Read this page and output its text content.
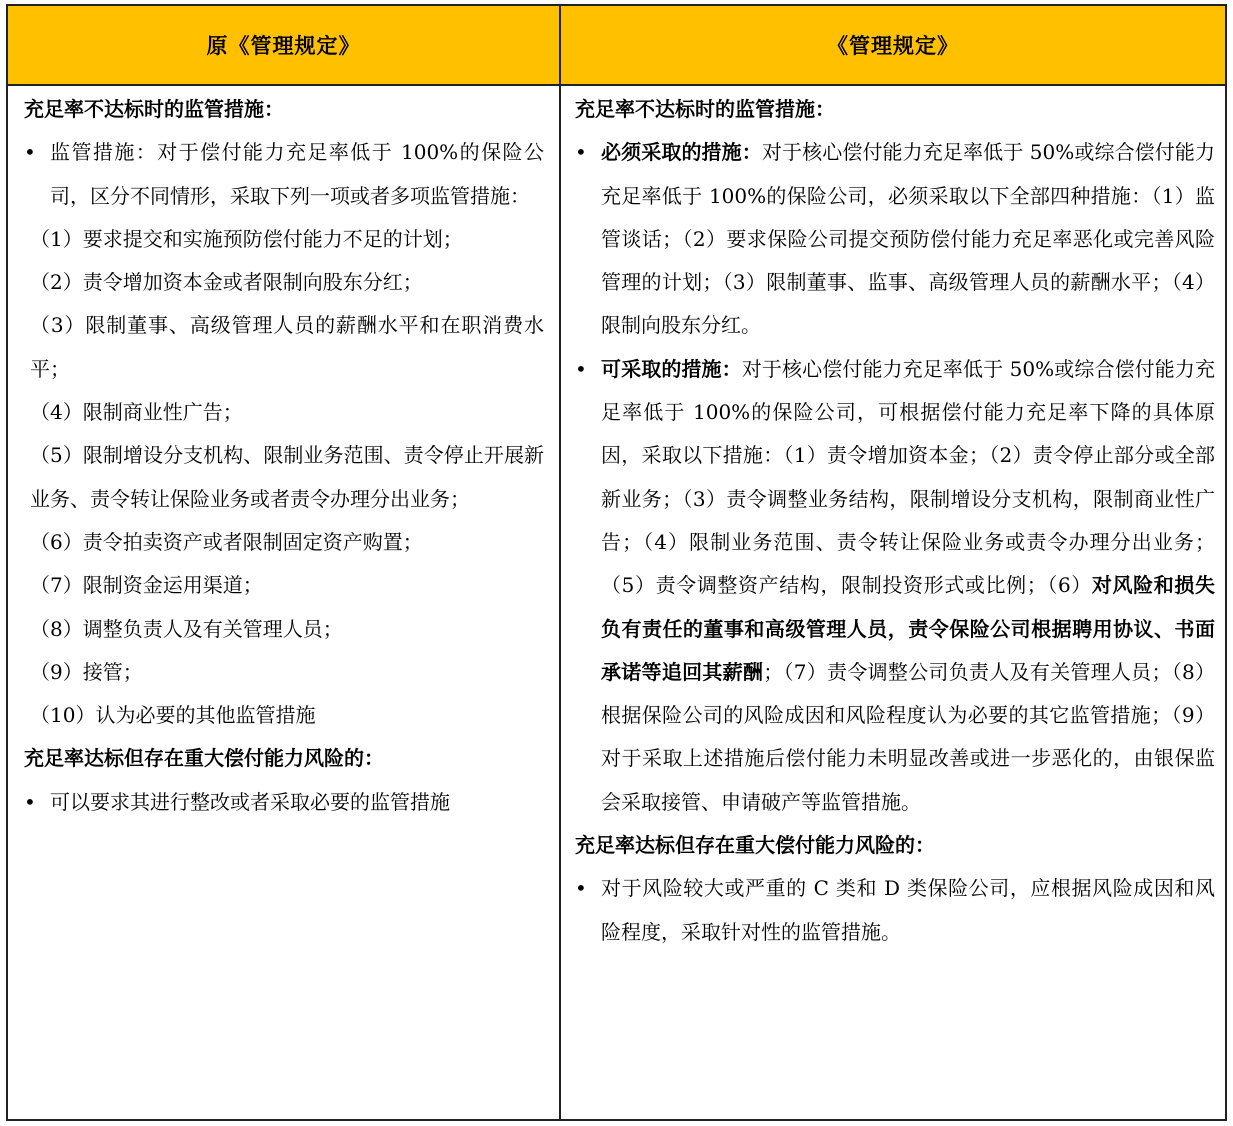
原《管理规定》	《管理规定》
充足率不达标时的监管措施：
• 监管措施：对于偿付能力充足率低于 100%的保险公司，区分不同情形，采取下列一项或者多项监管措施：
（1）要求提交和实施预防偿付能力不足的计划；
（2）责令增加资本金或者限制向股东分红；
（3）限制董事、高级管理人员的薪酬水平和在职消费水平；
（4）限制商业性广告；
（5）限制增设分支机构、限制业务范围、责令停止开展新业务、责令转让保险业务或者责令办理分出业务；
（6）责令拍卖资产或者限制固定资产购置；
（7）限制资金运用渠道；
（8）调整负责人及有关管理人员；
（9）接管；
（10）认为必要的其他监管措施
充足率达标但存在重大偿付能力风险的：
• 可以要求其进行整改或者采取必要的监管措施
充足率不达标时的监管措施：
• 必须采取的措施：对于核心偿付能力充足率低于 50%或综合偿付能力充足率低于 100%的保险公司，必须采取以下全部四种措施：（1）监管谈话；（2）要求保险公司提交预防偿付能力充足率恶化或完善风险管理的计划；（3）限制董事、监事、高级管理人员的薪酬水平；（4）限制向股东分红。
• 可采取的措施：对于核心偿付能力充足率低于 50%或综合偿付能力充足率低于 100%的保险公司，可根据偿付能力充足率下降的具体原因，采取以下措施：（1）责令增加资本金；（2）责令停止部分或全部新业务；（3）责令调整业务结构，限制增设分支机构，限制商业性广告；（4）限制业务范围、责令转让保险业务或责令办理分出业务；（5）责令调整资产结构，限制投资形式或比例；（6）对风险和损失负有责任的董事和高级管理人员，责令保险公司根据聘用协议、书面承诺等追回其薪酬；（7）责令调整公司负责人及有关管理人员；（8）根据保险公司的风险成因和风险程度认为必要的其它监管措施；（9）对于采取上述措施后偿付能力未明显改善或进一步恶化的，由银保监会采取接管、申请破产等监管措施。
充足率达标但存在重大偿付能力风险的：
• 对于风险较大或严重的 C 类和 D 类保险公司，应根据风险成因和风险程度，采取针对性的监管措施。
